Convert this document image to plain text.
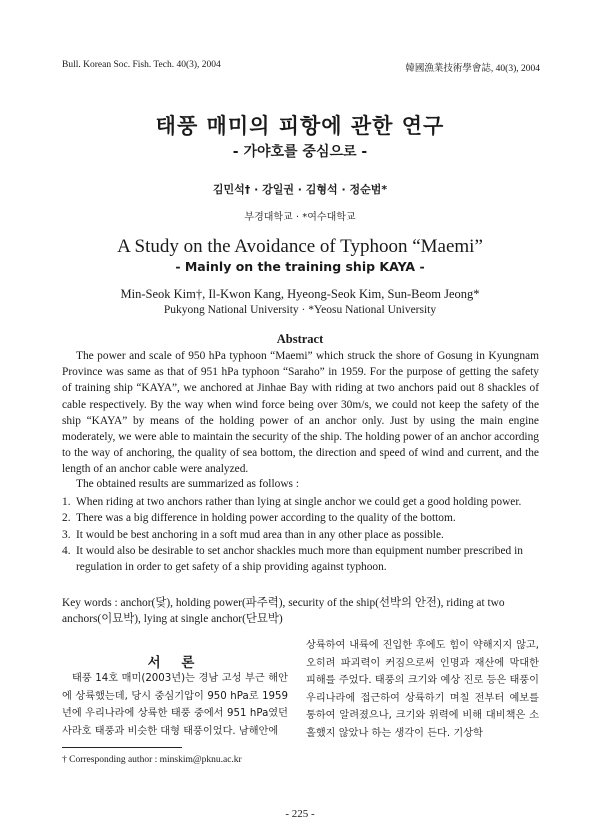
Bull. Korean Soc. Fish. Tech. 40(3), 2004	韓國漁業技術學會誌, 40(3), 2004
태풍 매미의 피항에 관한 연구
- 가야호를 중심으로 -
김민석† · 강일권 · 김형석 · 정순범*
부경대학교 · *여수대학교
A Study on the Avoidance of Typhoon “Maemi”
- Mainly on the training ship KAYA -
Min-Seok Kim†, Il-Kwon Kang, Hyeong-Seok Kim, Sun-Beom Jeong*
Pukyong National University · *Yeosu National University
Abstract

The power and scale of 950 hPa typhoon “Maemi” which struck the shore of Gosung in Kyungnam Province was same as that of 951 hPa typhoon “Saraho” in 1959. For the purpose of getting the safety of training ship “KAYA”, we anchored at Jinhae Bay with riding at two anchors paid out 8 shackles of cable respectively. By the way when wind force being over 30m/s, we could not keep the safety of the ship “KAYA” by means of the holding power of an anchor only. Just by using the main engine moderately, we were able to maintain the security of the ship. The holding power of an anchor according to the way of anchoring, the quality of sea bottom, the direction and speed of wind and current, and the length of an anchor cable were analyzed.

The obtained results are summarized as follows :
1. When riding at two anchors rather than lying at single anchor we could get a good holding power.
2. There was a big difference in holding power according to the quality of the bottom.
3. It would be best anchoring in a soft mud area than in any other place as possible.
4. It would also be desirable to set anchor shackles much more than equipment number prescribed in regulation in order to get safety of a ship providing against typhoon.
Key words : anchor(닻), holding power(파주력), security of the ship(선박의 안전), riding at two anchors(이묘박), lying at single anchor(단묘박)
서 론
태풍 14호 매미(2003년)는 경남 고성 부근 해안에 상륙했는데, 당시 중심기압이 950 hPa로 1959년에 우리나라에 상륙한 태풍 중에서 951 hPa였던 사라호 태풍과 비슷한 대형 태풍이었다. 남해안에
상륙하여 내륙에 진입한 후에도 힘이 약해지지 않고, 오히려 파괴력이 커짐으로써 인명과 재산에 막대한 피해를 주었다. 태풍의 크기와 예상 진로 등은 태풍이 우리나라에 접근하여 상륙하기 며칠 전부터 예보를 통하여 알려졌으나, 크기와 위력에 비해 대비책은 소홀했지 않았나 하는 생각이 든다. 기상학
† Corresponding author : minskim@pknu.ac.kr
- 225 -
